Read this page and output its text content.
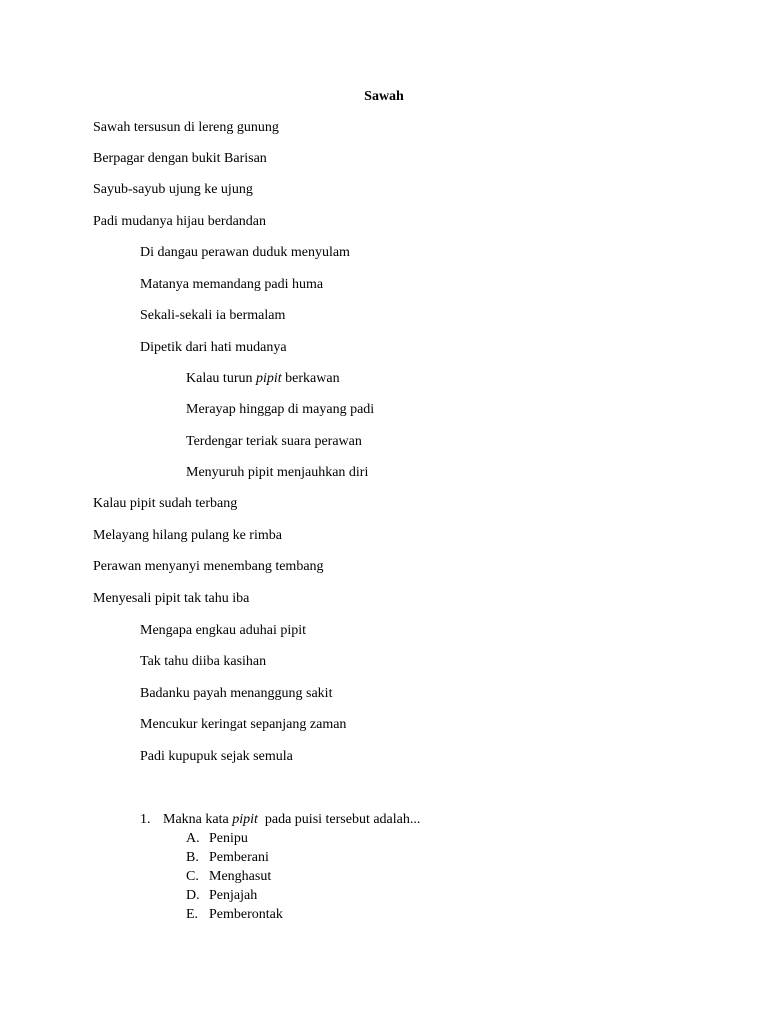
Sawah
Sawah tersusun di lereng gunung
Berpagar dengan bukit Barisan
Sayub-sayub ujung ke ujung
Padi mudanya hijau berdandan
Di dangau perawan duduk menyulam
Matanya memandang padi huma
Sekali-sekali ia bermalam
Dipetik dari hati mudanya
Kalau turun pipit berkawan
Merayap hinggap di mayang padi
Terdengar teriak suara perawan
Menyuruh pipit menjauhkan diri
Kalau pipit sudah terbang
Melayang hilang pulang ke rimba
Perawan menyanyi menembang tembang
Menyesali pipit tak tahu iba
Mengapa engkau aduhai pipit
Tak tahu diiba kasihan
Badanku payah menanggung sakit
Mencukur keringat sepanjang zaman
Padi kupupuk sejak semula
1. Makna kata pipit  pada puisi tersebut adalah...
A. Penipu
B. Pemberani
C. Menghasut
D. Penjajah
E. Pemberontak
